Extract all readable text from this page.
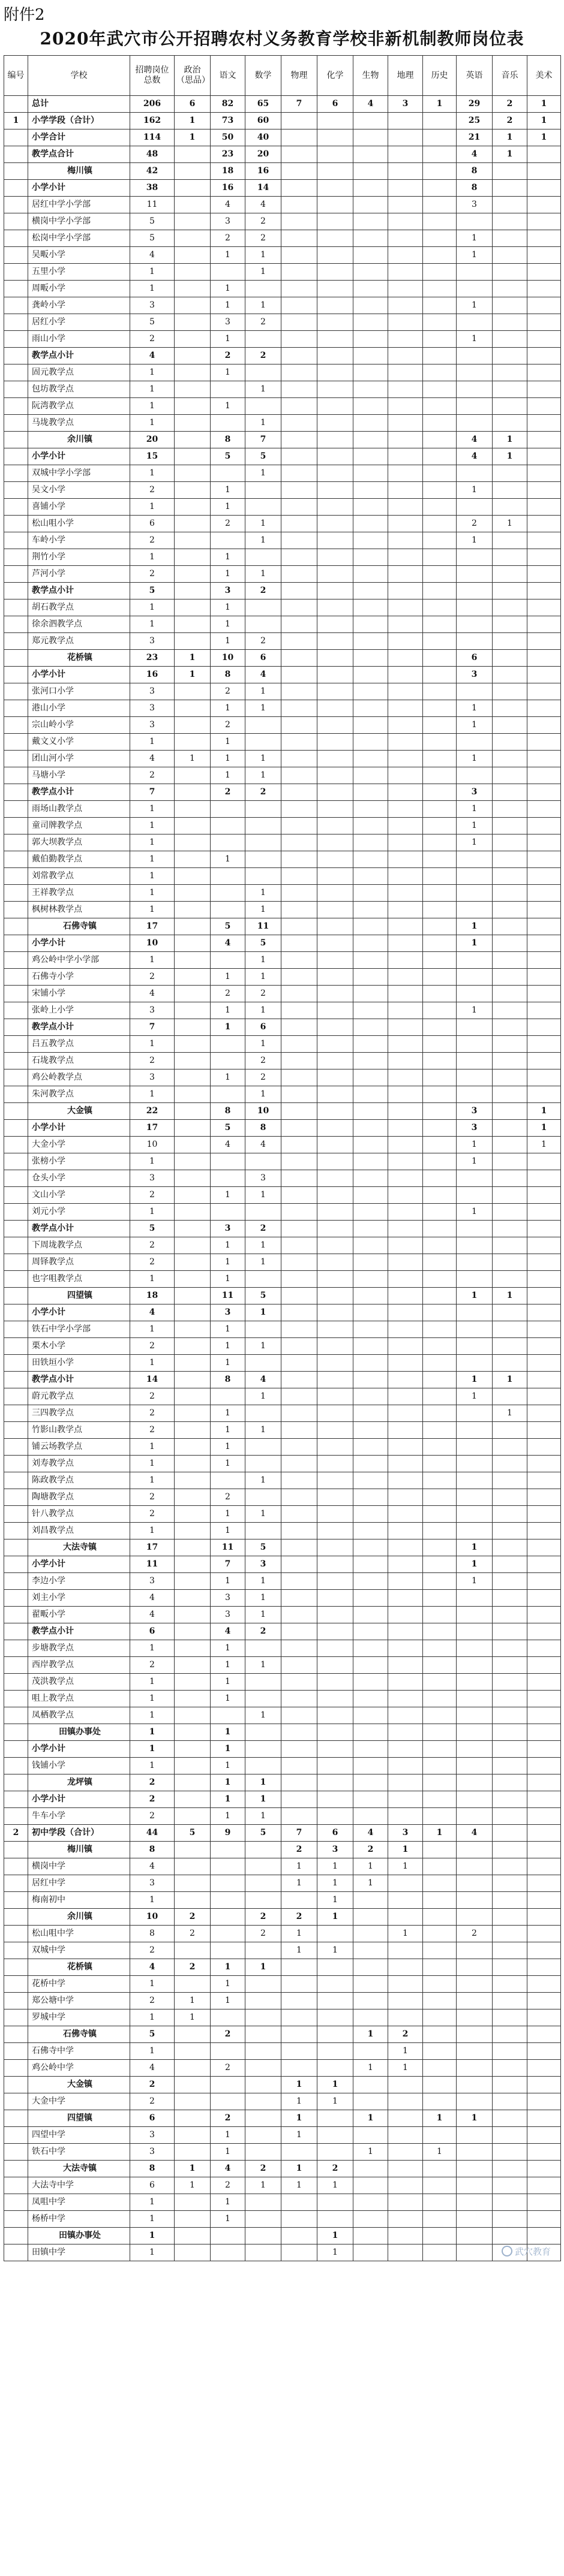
附件2
2020年武穴市公开招聘农村义务教育学校非新机制教师岗位表
编号	学校	招聘岗位总数	政治（思品）	语文	数学	物理	化学	生物	地理	历史	英语	音乐	美术
	总计	206	6	82	65	7	6	4	3	1	29	2	1
1	小学学段（合计）	162	1	73	60						25	2	1
	小学合计	114	1	50	40						21	1	1
	教学点合计	48		23	20						4	1	
	梅川镇	42		18	16						8		
	小学小计	38		16	14						8		
	居红中学小学部	11		4	4						3		
	横岗中学小学部	5		3	2								
	松岗中学小学部	5		2	2						1		
	吴畈小学	4		1	1						1		
	五里小学	1			1								
	周畈小学	1		1									
	龚岭小学	3		1	1						1		
	居红小学	5		3	2								
	雨山小学	2		1							1		
	教学点小计	4		2	2								
	固元教学点	1		1									
	包坊教学点	1			1								
	阮湾教学点	1		1									
	马垅教学点	1			1								
	余川镇	20		8	7						4	1	
	小学小计	15		5	5						4	1	
	双城中学小学部	1			1								
	吴文小学	2		1							1		
	喜铺小学	1		1									
	松山咀小学	6		2	1						2	1	
	车岭小学	2			1						1		
	荆竹小学	1		1									
	芦河小学	2		1	1								
	教学点小计	5		3	2								
	胡石教学点	1		1									
	徐余泗教学点	1		1									
	郑元教学点	3		1	2								
	花桥镇	23	1	10	6						6		
	小学小计	16	1	8	4						3		
	张河口小学	3		2	1								
	港山小学	3		1	1						1		
	宗山岭小学	3		2							1		
	戴文义小学	1		1									
	团山河小学	4	1	1	1						1		
	马塘小学	2		1	1								
	教学点小计	7		2	2						3		
	雨场山教学点	1									1		
	童司牌教学点	1									1		
	郭大坝教学点	1									1		
	戴伯勤教学点	1		1									
	刘常教学点	1											
	王祥教学点	1			1								
	枫树林教学点	1			1								
	石佛寺镇	17		5	11						1		
	小学小计	10		4	5						1		
	鸡公岭中学小学部	1			1								
	石佛寺小学	2		1	1								
	宋铺小学	4		2	2								
	张岭上小学	3		1	1						1		
	教学点小计	7		1	6								
	吕五教学点	1			1								
	石垅教学点	2			2								
	鸡公岭教学点	3		1	2								
	朱河教学点	1			1								
	大金镇	22		8	10						3		1
	小学小计	17		5	8						3		1
	大金小学	10		4	4						1		1
	张榜小学	1									1		
	仓头小学	3			3								
	文山小学	2		1	1								
	刘元小学	1									1		
	教学点小计	5		3	2								
	下周垅教学点	2		1	1								
	周铎教学点	2		1	1								
	也字咀教学点	1		1									
	四望镇	18		11	5						1	1	
	小学小计	4		3	1								
	铁石中学小学部	1		1									
	栗木小学	2		1	1								
	田铁垣小学	1		1									
	教学点小计	14		8	4						1	1	
	蔚元教学点	2			1						1		
	三四教学点	2		1								1	
	竹影山教学点	2		1	1								
	铺云场教学点	1		1									
	刘寿教学点	1		1									
	陈政教学点	1			1								
	陶塘教学点	2		2									
	针八教学点	2		1	1								
	刘昌教学点	1		1									
	大法寺镇	17		11	5						1		
	小学小计	11		7	3						1		
	李边小学	3		1	1						1		
	刘主小学	4		3	1								
	翟畈小学	4		3	1								
	教学点小计	6		4	2								
	步塘教学点	1		1									
	西岸教学点	2		1	1								
	茂洪教学点	1		1									
	咀上教学点	1		1									
	凤栖教学点	1			1								
	田镇办事处	1		1									
	小学小计	1		1									
	钱铺小学	1		1									
	龙坪镇	2		1	1								
	小学小计	2		1	1								
	牛车小学	2		1	1								
2	初中学段（合计）	44	5	9	5	7	6	4	3	1	4		
	梅川镇	8				2	3	2	1				
	横岗中学	4				1	1	1	1				
	居红中学	3				1	1	1					
	梅南初中	1					1						
	余川镇	10	2		2	2	1						
	松山咀中学	8	2		2	1			1		2		
	双城中学	2				1	1						
	花桥镇	4	2	1	1								
	花桥中学	1		1									
	郑公塘中学	2	1	1									
	罗城中学	1	1										
	石佛寺镇	5		2				1	2				
	石佛寺中学	1							1				
	鸡公岭中学	4		2				1	1				
	大金镇	2				1	1						
	大金中学	2				1	1						
	四望镇	6		2		1		1		1	1		
	四望中学	3		1		1							
	铁石中学	3		1				1		1			
	大法寺镇	8	1	4	2	1	2						
	大法寺中学	6	1	2	1	1	1						
	凤咀中学	1		1									
	杨桥中学	1		1									
	田镇办事处	1					1						
	田镇中学	1					1							武穴教育
